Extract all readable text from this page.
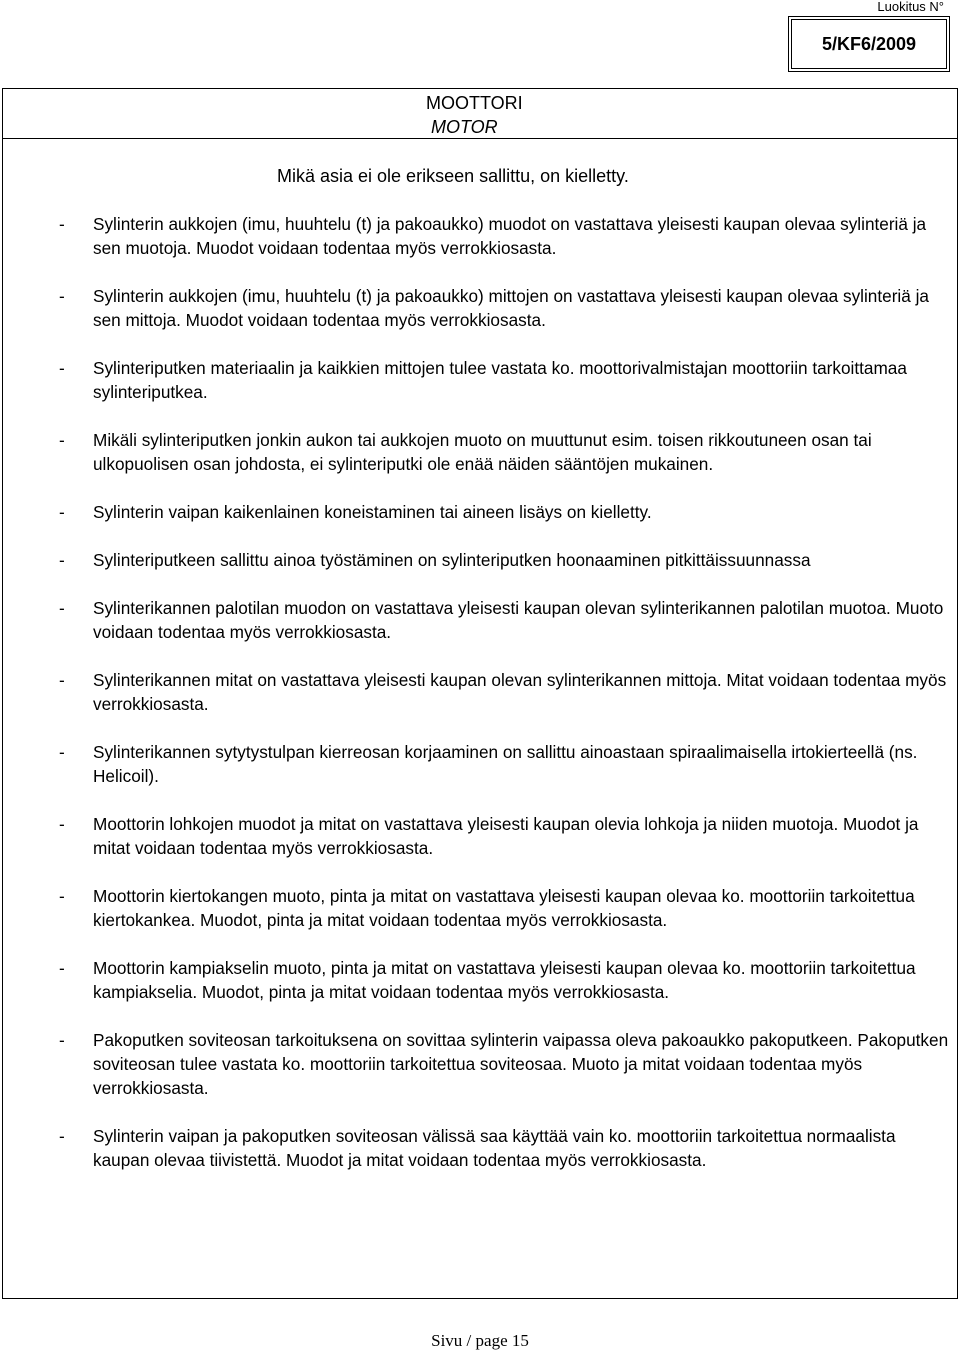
Luokitus N°
5/KF6/2009
MOOTTORI
MOTOR
Mikä asia ei ole erikseen sallittu, on kielletty.
- Sylinterin aukkojen (imu, huuhtelu (t) ja pakoaukko) muodot on vastattava yleisesti kaupan olevaa sylinteriä ja sen muotoja. Muodot voidaan todentaa myös verrokkiosasta.
- Sylinterin aukkojen (imu, huuhtelu (t) ja pakoaukko) mittojen on vastattava yleisesti kaupan olevaa sylinteriä ja sen mittoja. Muodot voidaan todentaa myös verrokkiosasta.
- Sylinteriputken materiaalin ja kaikkien mittojen tulee vastata ko. moottorivalmistajan moottoriin tarkoittamaa sylinteriputkea.
- Mikäli sylinteriputken jonkin aukon tai aukkojen muoto on muuttunut esim. toisen rikkoutuneen osan tai ulkopuolisen osan johdosta, ei sylinteriputki ole enää näiden sääntöjen mukainen.
- Sylinterin vaipan kaikenlainen koneistaminen tai aineen lisäys on kielletty.
- Sylinteriputkeen sallittu ainoa työstäminen on sylinteriputken hoonaaminen pitkittäissuunnassa
- Sylinterikannen palotilan muodon on vastattava yleisesti kaupan olevan sylinterikannen palotilan muotoa. Muoto voidaan todentaa myös verrokkiosasta.
- Sylinterikannen mitat on vastattava yleisesti kaupan olevan sylinterikannen mittoja. Mitat voidaan todentaa myös verrokkiosasta.
- Sylinterikannen sytytystulpan kierreosan korjaaminen on sallittu ainoastaan spiraalimaisella irtokierteellä (ns. Helicoil).
- Moottorin lohkojen muodot ja mitat on vastattava yleisesti kaupan olevia lohkoja ja niiden muotoja. Muodot ja mitat voidaan todentaa myös verrokkiosasta.
- Moottorin kiertokangen muoto, pinta ja mitat on vastattava yleisesti kaupan olevaa ko. moottoriin tarkoitettua kiertokankea. Muodot, pinta ja mitat voidaan todentaa myös verrokkiosasta.
- Moottorin kampiakselin muoto, pinta ja mitat on vastattava yleisesti kaupan olevaa ko. moottoriin tarkoitettua kampiakselia. Muodot, pinta ja mitat voidaan todentaa myös verrokkiosasta.
- Pakoputken soviteosan tarkoituksena on sovittaa sylinterin vaipassa oleva pakoaukko pakoputkeen. Pakoputken soviteosan tulee vastata ko. moottoriin tarkoitettua soviteosaa. Muoto ja mitat voidaan todentaa myös verrokkiosasta.
- Sylinterin vaipan ja pakoputken soviteosan välissä saa käyttää vain ko. moottoriin tarkoitettua normaalista kaupan olevaa tiivistettä. Muodot ja mitat voidaan todentaa myös verrokkiosasta.
Sivu / page 15
